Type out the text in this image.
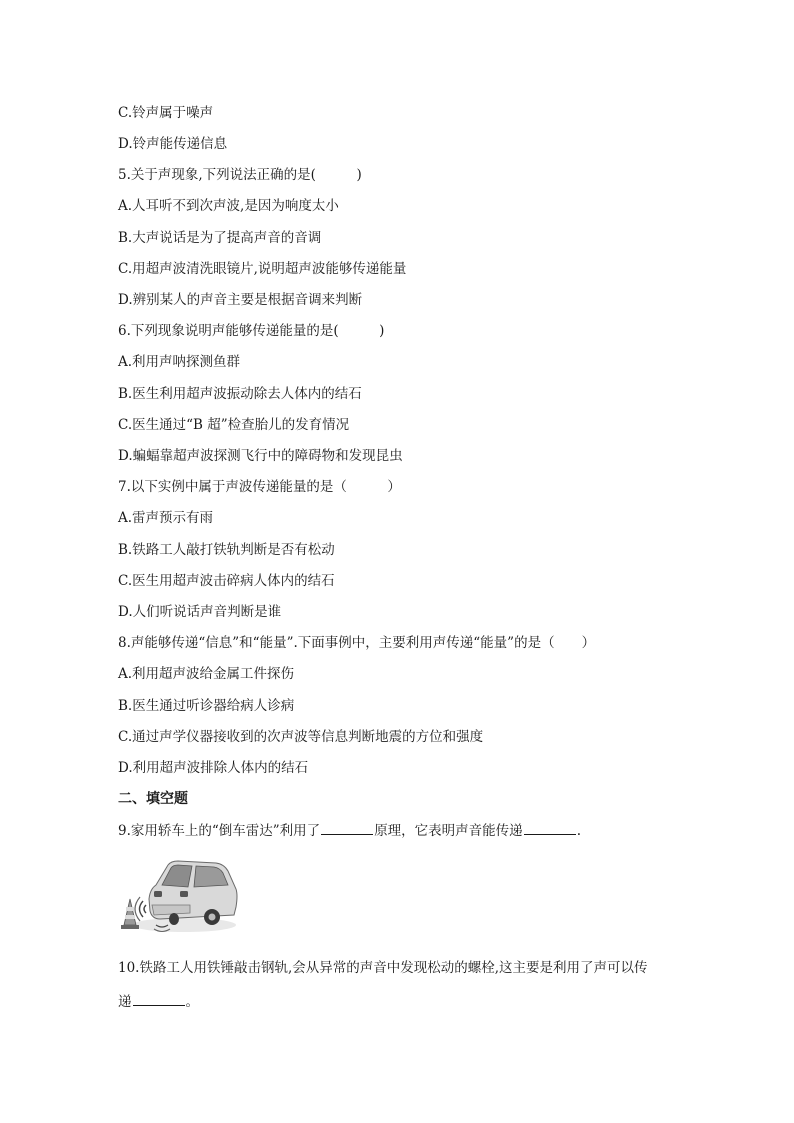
C.铃声属于噪声
D.铃声能传递信息
5.关于声现象,下列说法正确的是(　　　)
A.人耳听不到次声波,是因为响度太小
B.大声说话是为了提高声音的音调
C.用超声波清洗眼镜片,说明超声波能够传递能量
D.辨别某人的声音主要是根据音调来判断
6.下列现象说明声能够传递能量的是(　　　)
A.利用声呐探测鱼群
B.医生利用超声波振动除去人体内的结石
C.医生通过“B 超”检查胎儿的发育情况
D.蝙蝠靠超声波探测飞行中的障碍物和发现昆虫
7.以下实例中属于声波传递能量的是（　　　）
A.雷声预示有雨
B.铁路工人敲打铁轨判断是否有松动
C.医生用超声波击碎病人体内的结石
D.人们听说话声音判断是谁
8.声能够传递“信息”和“能量”.下面事例中，主要利用声传递“能量”的是（　　）
A.利用超声波给金属工件探伤
B.医生通过听诊器给病人诊病
C.通过声学仪器接收到的次声波等信息判断地震的方位和强度
D.利用超声波排除人体内的结石
二、填空题
9.家用轿车上的“倒车雷达”利用了	原理，它表明声音能传递	.
10.铁路工人用铁锤敲击钢轨,会从异常的声音中发现松动的螺栓,这主要是利用了声可以传
递	。
